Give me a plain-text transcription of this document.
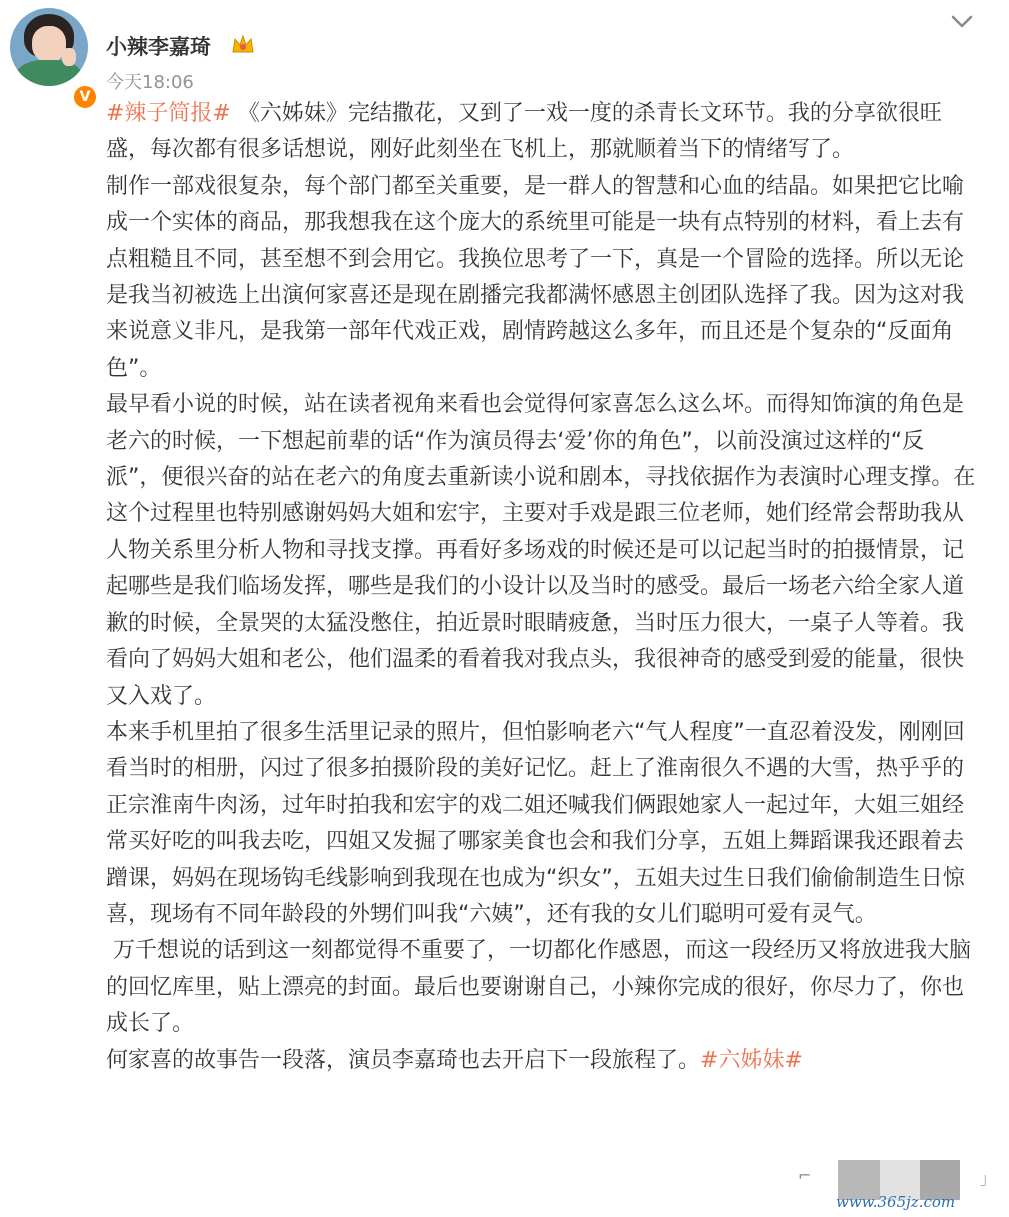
V
小辣李嘉琦
今天18:06

#辣子简报# 《六姊妹》完结撒花，又到了一戏一度的杀青长文环节。我的分享欲很旺盛，每次都有很多话想说，刚好此刻坐在飞机上，那就顺着当下的情绪写了。

制作一部戏很复杂，每个部门都至关重要，是一群人的智慧和心血的结晶。如果把它比喻成一个实体的商品，那我想我在这个庞大的系统里可能是一块有点特别的材料，看上去有点粗糙且不同，甚至想不到会用它。我换位思考了一下，真是一个冒险的选择。所以无论是我当初被选上出演何家喜还是现在剧播完我都满怀感恩主创团队选择了我。因为这对我来说意义非凡，是我第一部年代戏正戏，剧情跨越这么多年，而且还是个复杂的“反面角色”。

最早看小说的时候，站在读者视角来看也会觉得何家喜怎么这么坏。而得知饰演的角色是老六的时候，一下想起前辈的话“作为演员得去‘爱’你的角色”，以前没演过这样的“反派”，便很兴奋的站在老六的角度去重新读小说和剧本，寻找依据作为表演时心理支撑。在这个过程里也特别感谢妈妈大姐和宏宇，主要对手戏是跟三位老师，她们经常会帮助我从人物关系里分析人物和寻找支撑。再看好多场戏的时候还是可以记起当时的拍摄情景，记起哪些是我们临场发挥，哪些是我们的小设计以及当时的感受。最后一场老六给全家人道歉的时候，全景哭的太猛没憋住，拍近景时眼睛疲惫，当时压力很大，一桌子人等着。我看向了妈妈大姐和老公，他们温柔的看着我对我点头，我很神奇的感受到爱的能量，很快又入戏了。

本来手机里拍了很多生活里记录的照片，但怕影响老六“气人程度”一直忍着没发，刚刚回看当时的相册，闪过了很多拍摄阶段的美好记忆。赶上了淮南很久不遇的大雪，热乎乎的正宗淮南牛肉汤，过年时拍我和宏宇的戏二姐还喊我们俩跟她家人一起过年，大姐三姐经常买好吃的叫我去吃，四姐又发掘了哪家美食也会和我们分享，五姐上舞蹈课我还跟着去蹭课，妈妈在现场钩毛线影响到我现在也成为“织女”，五姐夫过生日我们偷偷制造生日惊喜，现场有不同年龄段的外甥们叫我“六姨”，还有我的女儿们聪明可爱有灵气。

万千想说的话到这一刻都觉得不重要了，一切都化作感恩，而这一段经历又将放进我大脑的回忆库里，贴上漂亮的封面。最后也要谢谢自己，小辣你完成的很好，你尽力了，你也成长了。

何家喜的故事告一段落，演员李嘉琦也去开启下一段旅程了。#六姊妹#

⌐	」
www.365jz.com
